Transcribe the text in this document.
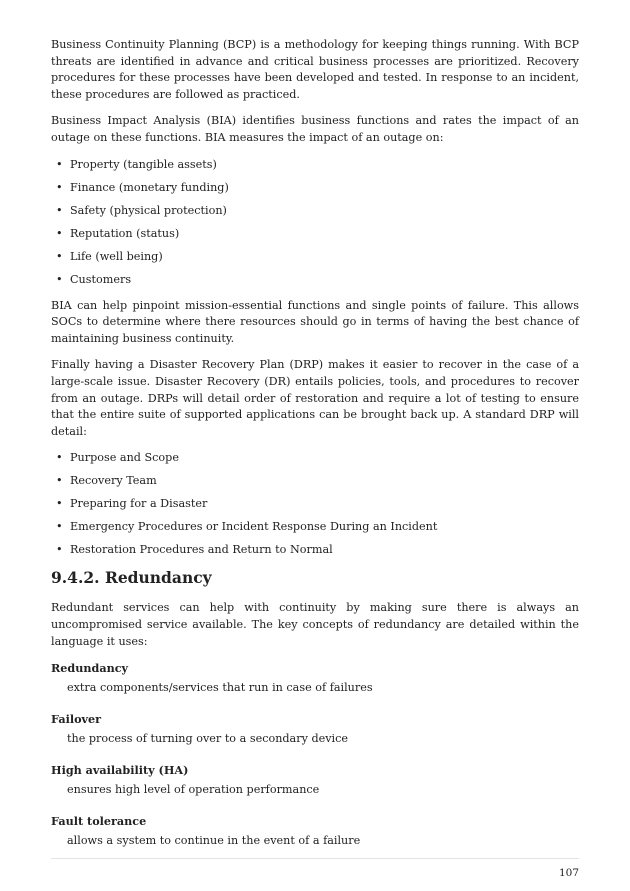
Business Continuity Planning (BCP) is a methodology for keeping things running. With BCP threats are identified in advance and critical business processes are prioritized. Recovery procedures for these processes have been developed and tested. In response to an incident, these procedures are followed as practiced.

Business Impact Analysis (BIA) identifies business functions and rates the impact of an outage on these functions. BIA measures the impact of an outage on:

• Property (tangible assets)
• Finance (monetary funding)
• Safety (physical protection)
• Reputation (status)
• Life (well being)
• Customers

BIA can help pinpoint mission-essential functions and single points of failure. This allows SOCs to determine where there resources should go in terms of having the best chance of maintaining business continuity.

Finally having a Disaster Recovery Plan (DRP) makes it easier to recover in the case of a large-scale issue. Disaster Recovery (DR) entails policies, tools, and procedures to recover from an outage. DRPs will detail order of restoration and require a lot of testing to ensure that the entire suite of supported applications can be brought back up. A standard DRP will detail:

• Purpose and Scope
• Recovery Team
• Preparing for a Disaster
• Emergency Procedures or Incident Response During an Incident
• Restoration Procedures and Return to Normal
9.4.2. Redundancy

Redundant services can help with continuity by making sure there is always an uncompromised service available. The key concepts of redundancy are detailed within the language it uses:

Redundancy
extra components/services that run in case of failures
Failover
the process of turning over to a secondary device
High availability (HA)
ensures high level of operation performance
Fault tolerance
allows a system to continue in the event of a failure
107
